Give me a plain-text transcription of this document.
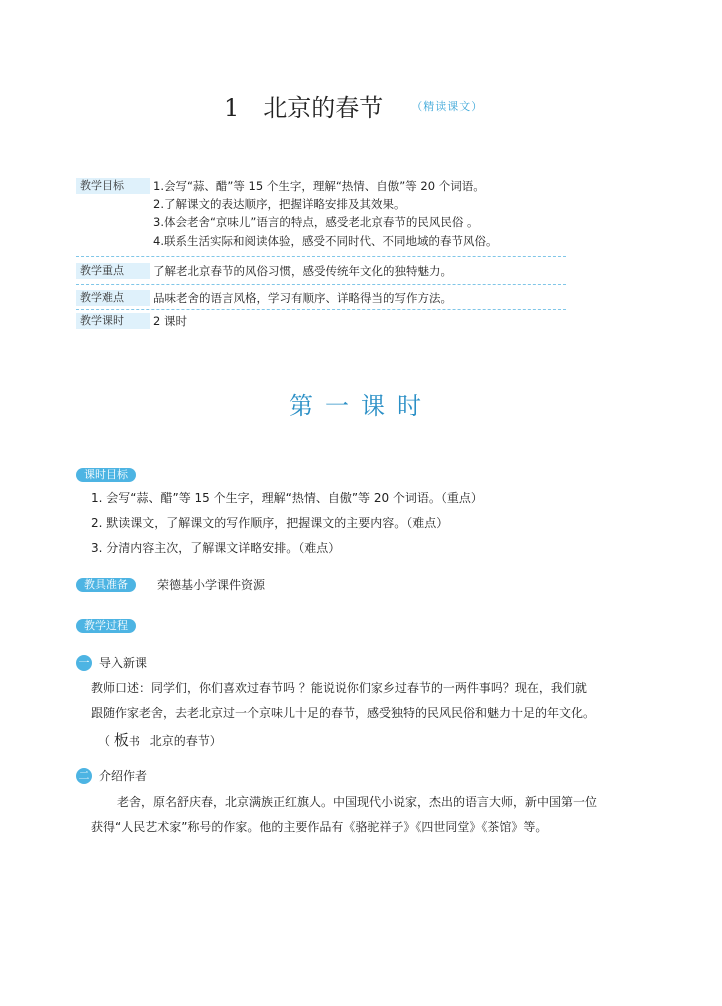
1 北京的春节	$^{(精读课文)}$
教学目标	1.会写“蒜、醋”等 15 个生字，理解“热情、自傲”等 20 个词语。
2.了解课文的表达顺序，把握详略安排及其效果。
3.体会老舍“京味儿”语言的特点，感受老北京春节的民风民俗 。
4.联系生活实际和阅读体验，感受不同时代、不同地域的春节风俗。
教学重点	了解老北京春节的风俗习惯，感受传统年文化的独特魅力。
教学难点	品味老舍的语言风格，学习有顺序、详略得当的写作方法。
教学课时	2 课时
第一课时
课时目标
1. 会写“蒜、醋”等 15 个生字，理解“热情、自傲”等 20 个词语。（重点）
2. 默读课文，了解课文的写作顺序，把握课文的主要内容。（难点）
3. 分清内容主次，了解课文详略安排。（难点）
教具准备	荣德基小学课件资源
教学过程
一 导入新课
教师口述：同学们，你们喜欢过春节吗 ？能说说你们家乡过春节的一两件事吗？现在，我们就
跟随作家老舍，去老北京过一个京味儿十足的春节，感受独特的民风民俗和魅力十足的年文化。
（ 板书 北京的春节）
二 介绍作者
老舍，原名舒庆春，北京满族正红旗人。中国现代小说家，杰出的语言大师，新中国第一位
获得“人民艺术家”称号的作家。他的主要作品有《骆驼祥子》《四世同堂》《茶馆》等。
